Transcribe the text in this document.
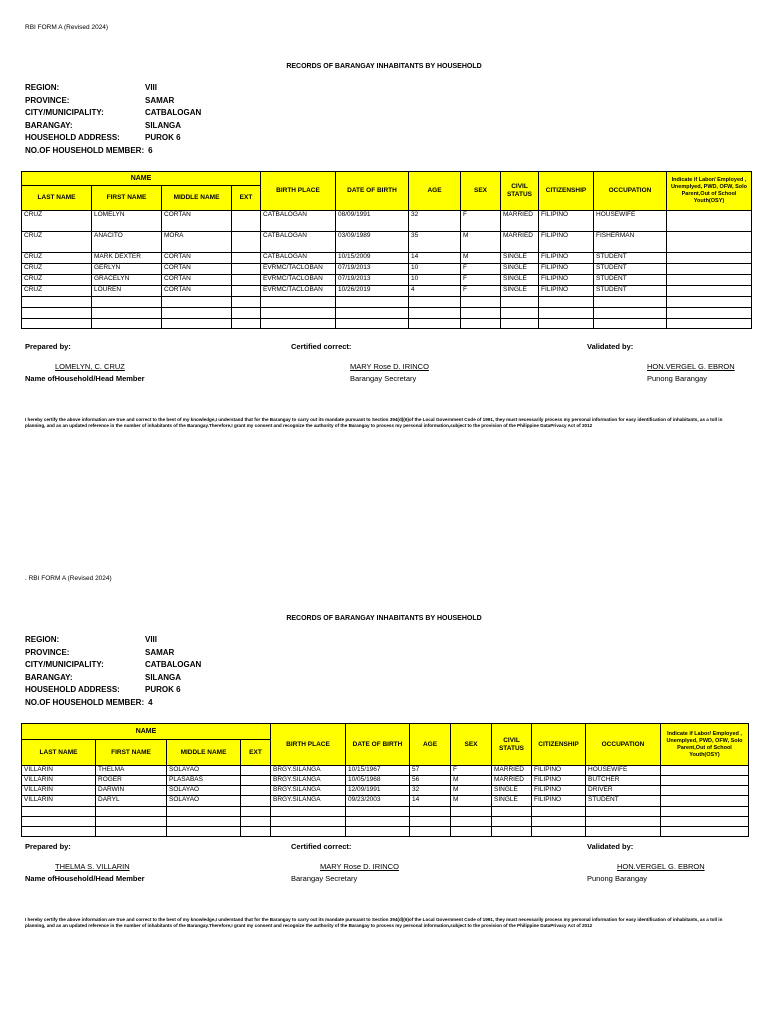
RBI FORM A (Revised 2024)
RECORDS OF BARANGAY INHABITANTS BY HOUSEHOLD
REGION:	VIII
PROVINCE:	SAMAR
CITY/MUNICIPALITY:	CATBALOGAN
BARANGAY:	SILANGA
HOUSEHOLD ADDRESS:	PUROK 6
NO.OF HOUSEHOLD MEMBER: 6
NAME				BIRTH PLACE	DATE OF BIRTH	AGE	SEX	CIVIL STATUS	CITIZENSHIP	OCCUPATION	Indicate if Labor/ Employed , Unemplyed, PWD, OFW, Solo Parent,Out of School Youth(OSY)
LAST NAME	FIRST NAME	MIDDLE NAME	EXT								
CRUZ	LOMELYN	CORTAN		CATBALOGAN	08/09/1991	32	F	MARRIED	FILIPINO	HOUSEWIFE	
CRUZ	ANACITO	MORA		CATBALOGAN	03/09/1989	35	M	MARRIED	FILIPINO	FISHERMAN	
CRUZ	MARK DEXTER	CORTAN		CATBALOGAN	10/15/2009	14	M	SINGLE	FILIPINO	STUDENT	
CRUZ	GERLYN	CORTAN		EVRMC/TACLOBAN	07/19/2013	10	F	SINGLE	FILIPINO	STUDENT	
CRUZ	GRACELYN	CORTAN		EVRMC/TACLOBAN	07/19/2013	10	F	SINGLE	FILIPINO	STUDENT	
CRUZ	LOUREN	CORTAN		EVRMC/TACLOBAN	10/26/2019	4	F	SINGLE	FILIPINO	STUDENT	

Prepared by:	Certified correct:	Validated by:
LOMELYN, C. CRUZ
Name ofHousehold/Head Member
MARY Rose D. IRINCO
Barangay Secretary
HON.VERGEL G. EBRON
Punong Barangay
I hereby certify the above information are true and correct to the best of my knowledge,I understand that for the Barangay to carry out its mandate pursuant to Section 394(d)(6)of the Local Government Code of 1991, they must necessarily process my personal information for easy identification of inhabitants, as a toll in planning, and as an updated reference in the number of inhabitants of the Barangay.Therefore,I grant my consent and recognize the authority of the Barangay to process my personal information,subject to the provision of the Philippine DataPrivacy Act of 2012
. RBI FORM A (Revised 2024)
RECORDS OF BARANGAY INHABITANTS BY HOUSEHOLD
REGION:	VIII
PROVINCE:	SAMAR
CITY/MUNICIPALITY:	CATBALOGAN
BARANGAY:	SILANGA
HOUSEHOLD ADDRESS:	PUROK 6
NO.OF HOUSEHOLD MEMBER: 4
NAME				BIRTH PLACE	DATE OF BIRTH	AGE	SEX	CIVIL STATUS	CITIZENSHIP	OCCUPATION	Indicate if Labor/ Employed , Unemplyed, PWD, OFW, Solo Parent,Out of School Youth(OSY)
LAST NAME	FIRST NAME	MIDDLE NAME	EXT								
VILLARIN	THELMA	SOLAYAO		BRGY.SILANGA	10/15/1967	57	F	MARRIED	FILIPINO	HOUSEWIFE	
VILLARIN	ROGER	PLASABAS		BRGY.SILANGA	10/05/1968	56	M	MARRIED	FILIPINO	BUTCHER	
VILLARIN	DARWIN	SOLAYAO		BRGY.SILANGA	12/09/1991	32	M	SINGLE	FILIPINO	DRIVER	
VILLARIN	DARYL	SOLAYAO		BRGY.SILANGA	09/23/2003	14	M	SINGLE	FILIPINO	STUDENT	

Prepared by:	Certified correct:	Validated by:
THELMA S. VILLARIN
Name ofHousehold/Head Member
MARY Rose D. IRINCO
Barangay Secretary
HON.VERGEL G. EBRON
Punong Barangay
I hereby certify the above information are true and correct to the best of my knowledge,I understand that for the Barangay to carry out its mandate pursuant to Section 394(d)(6)of the Local Government Code of 1991, they must necessarily process my personal information for easy identification of inhabitants, as a toll in planning, and as an updated reference in the number of inhabitants of the Barangay.Therefore,I grant my consent and recognize the authority of the Barangay to process my personal information,subject to the provision of the Philippine DataPrivacy Act of 2012
